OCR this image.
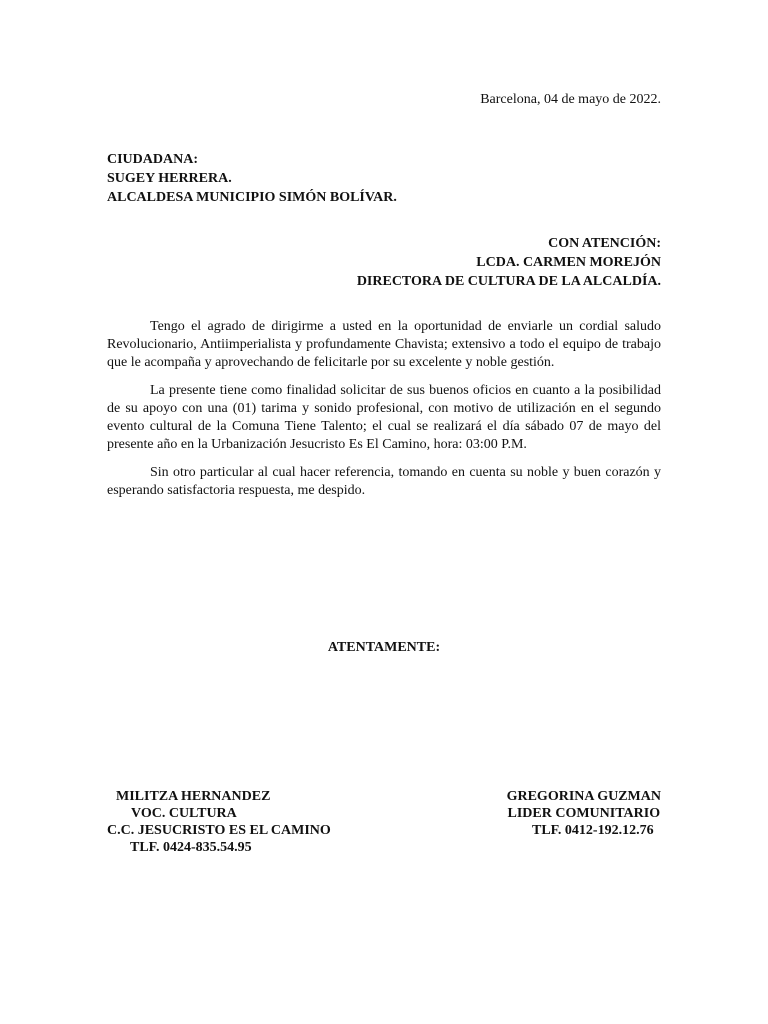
Barcelona, 04 de mayo de 2022.
CIUDADANA:
SUGEY HERRERA.
ALCALDESA MUNICIPIO SIMÓN BOLÍVAR.
CON ATENCIÓN:
LCDA. CARMEN MOREJÓN
DIRECTORA DE CULTURA DE LA ALCALDÍA.

Tengo el agrado de dirigirme a usted en la oportunidad de enviarle un cordial saludo Revolucionario, Antiimperialista y profundamente Chavista; extensivo a todo el equipo de trabajo que le acompaña y aprovechando de felicitarle por su excelente y noble gestión.

La presente tiene como finalidad solicitar de sus buenos oficios en cuanto a la posibilidad de su apoyo con una (01) tarima y sonido profesional, con motivo de utilización en el segundo evento cultural de la Comuna Tiene Talento; el cual se realizará el día sábado 07 de mayo del presente año en la Urbanización Jesucristo Es El Camino, hora: 03:00 P.M.

Sin otro particular al cual hacer referencia, tomando en cuenta su noble y buen corazón y esperando satisfactoria respuesta, me despido.

ATENTAMENTE:
MILITZA HERNANDEZ
VOC. CULTURA
C.C. JESUCRISTO ES EL CAMINO
TLF. 0424-835.54.95
GREGORINA GUZMAN
LIDER COMUNITARIO
TLF. 0412-192.12.76
